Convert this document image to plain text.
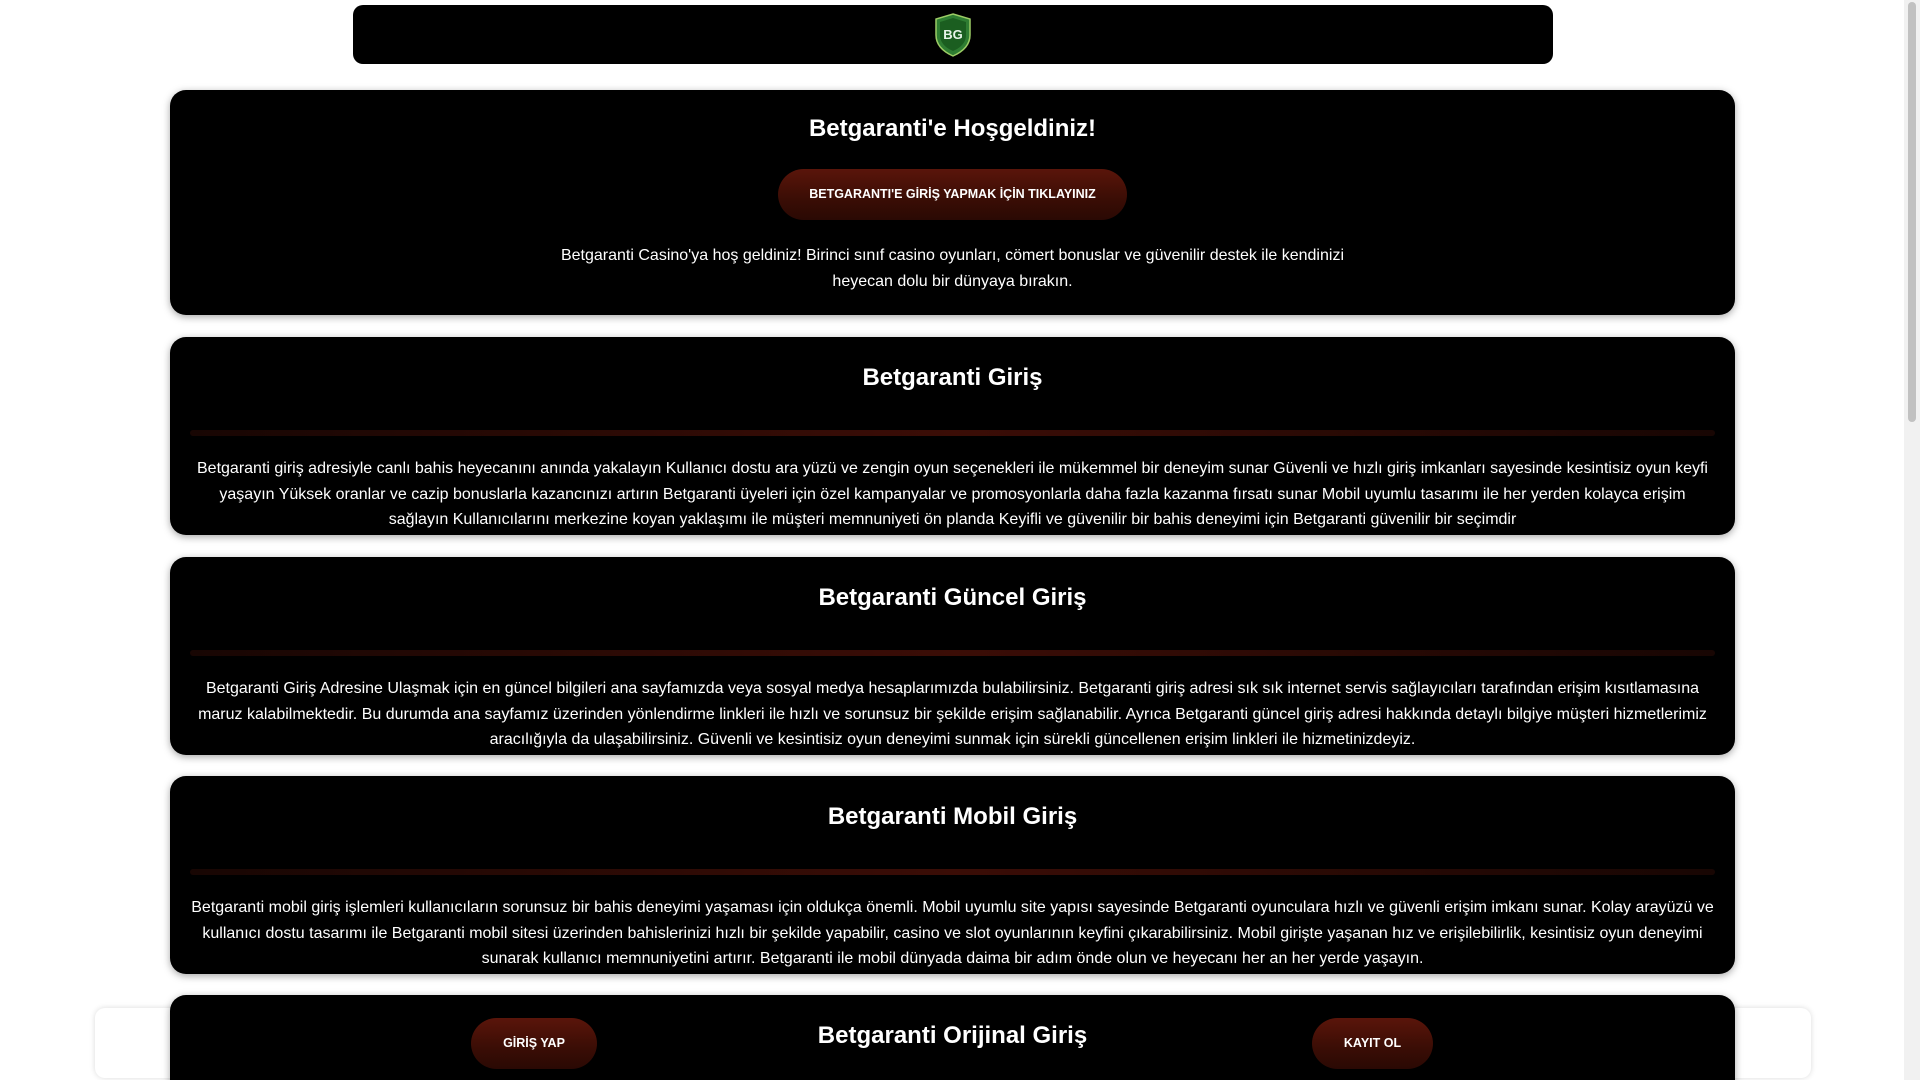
BG
Betgaranti'e Hoşgeldiniz!
BETGARANTI'E GİRİŞ YAPMAK İÇİN TIKLAYINIZ

Betgaranti Casino'ya hoş geldiniz! Birinci sınıf casino oyunları, cömert bonuslar ve güvenilir destek ile kendinizi heyecan dolu bir dünyaya bırakın.

Betgaranti Giriş

Betgaranti giriş adresiyle canlı bahis heyecanını anında yakalayın Kullanıcı dostu ara yüzü ve zengin oyun seçenekleri ile mükemmel bir deneyim sunar Güvenli ve hızlı giriş imkanları sayesinde kesintisiz oyun keyfi yaşayın Yüksek oranlar ve cazip bonuslarla kazancınızı artırın Betgaranti üyeleri için özel kampanyalar ve promosyonlarla daha fazla kazanma fırsatı sunar Mobil uyumlu tasarımı ile her yerden kolayca erişim sağlayın Kullanıcılarını merkezine koyan yaklaşımı ile müşteri memnuniyeti ön planda Keyifli ve güvenilir bir bahis deneyimi için Betgaranti güvenilir bir seçimdir

Betgaranti Güncel Giriş

Betgaranti Giriş Adresine Ulaşmak için en güncel bilgileri ana sayfamızda veya sosyal medya hesaplarımızda bulabilirsiniz. Betgaranti giriş adresi sık sık internet servis sağlayıcıları tarafından erişim kısıtlamasına maruz kalabilmektedir. Bu durumda ana sayfamız üzerinden yönlendirme linkleri ile hızlı ve sorunsuz bir şekilde erişim sağlanabilir. Ayrıca Betgaranti güncel giriş adresi hakkında detaylı bilgiye müşteri hizmetlerimiz aracılığıyla da ulaşabilirsiniz. Güvenli ve kesintisiz oyun deneyimi sunmak için sürekli güncellenen erişim linkleri ile hizmetinizdeyiz.

Betgaranti Mobil Giriş

Betgaranti mobil giriş işlemleri kullanıcıların sorunsuz bir bahis deneyimi yaşaması için oldukça önemli. Mobil uyumlu site yapısı sayesinde Betgaranti oyunculara hızlı ve güvenli erişim imkanı sunar. Kolay arayüzü ve kullanıcı dostu tasarımı ile Betgaranti mobil sitesi üzerinden bahislerinizi hızlı bir şekilde yapabilir, casino ve slot oyunlarının keyfini çıkarabilirsiniz. Mobil girişte yaşanan hız ve erişilebilirlik, kesintisiz oyun deneyimi sunarak kullanıcı memnuniyetini artırır. Betgaranti ile mobil dünyada daima bir adım önde olun ve heyecanı her an her yerde yaşayın.

Betgaranti Orijinal Giriş
GİRİŞ YAP	KAYIT OL
